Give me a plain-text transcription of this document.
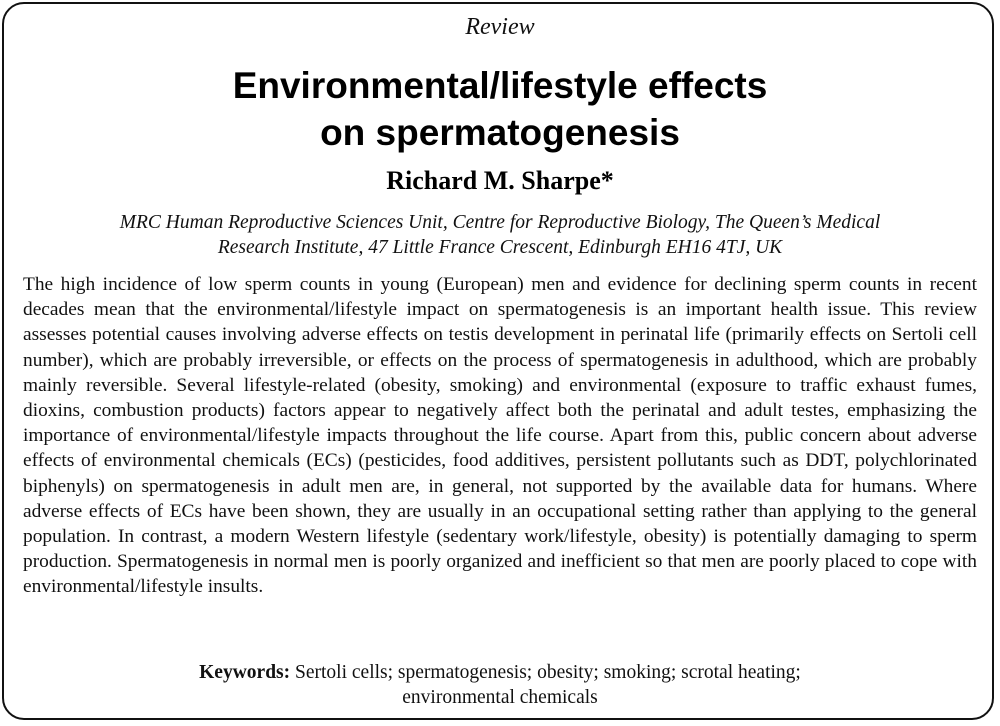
Review
Environmental/lifestyle effects
on spermatogenesis
Richard M. Sharpe*
MRC Human Reproductive Sciences Unit, Centre for Reproductive Biology, The Queen’s Medical
Research Institute, 47 Little France Crescent, Edinburgh EH16 4TJ, UK

The high incidence of low sperm counts in young (European) men and evidence for declining sperm counts in recent decades mean that the environmental/lifestyle impact on spermatogenesis is an important health issue. This review assesses potential causes involving adverse effects on testis development in perinatal life (primarily effects on Sertoli cell number), which are probably irreversible, or effects on the process of spermatogenesis in adulthood, which are probably mainly reversible. Several lifestyle-related (obesity, smoking) and environmental (exposure to traffic exhaust fumes, dioxins, combustion products) factors appear to negatively affect both the perinatal and adult testes, emphasizing the importance of environmental/lifestyle impacts throughout the life course. Apart from this, public concern about adverse effects of environmental chemicals (ECs) (pesticides, food additives, persistent pollutants such as DDT, polychlorinated biphenyls) on spermatogenesis in adult men are, in general, not supported by the available data for humans. Where adverse effects of ECs have been shown, they are usually in an occupational setting rather than applying to the general population. In contrast, a modern Western lifestyle (sedentary work/lifestyle, obesity) is potentially damaging to sperm production. Spermatogenesis in normal men is poorly organized and inefficient so that men are poorly placed to cope with environmental/lifestyle insults.

Keywords: Sertoli cells; spermatogenesis; obesity; smoking; scrotal heating;
environmental chemicals
